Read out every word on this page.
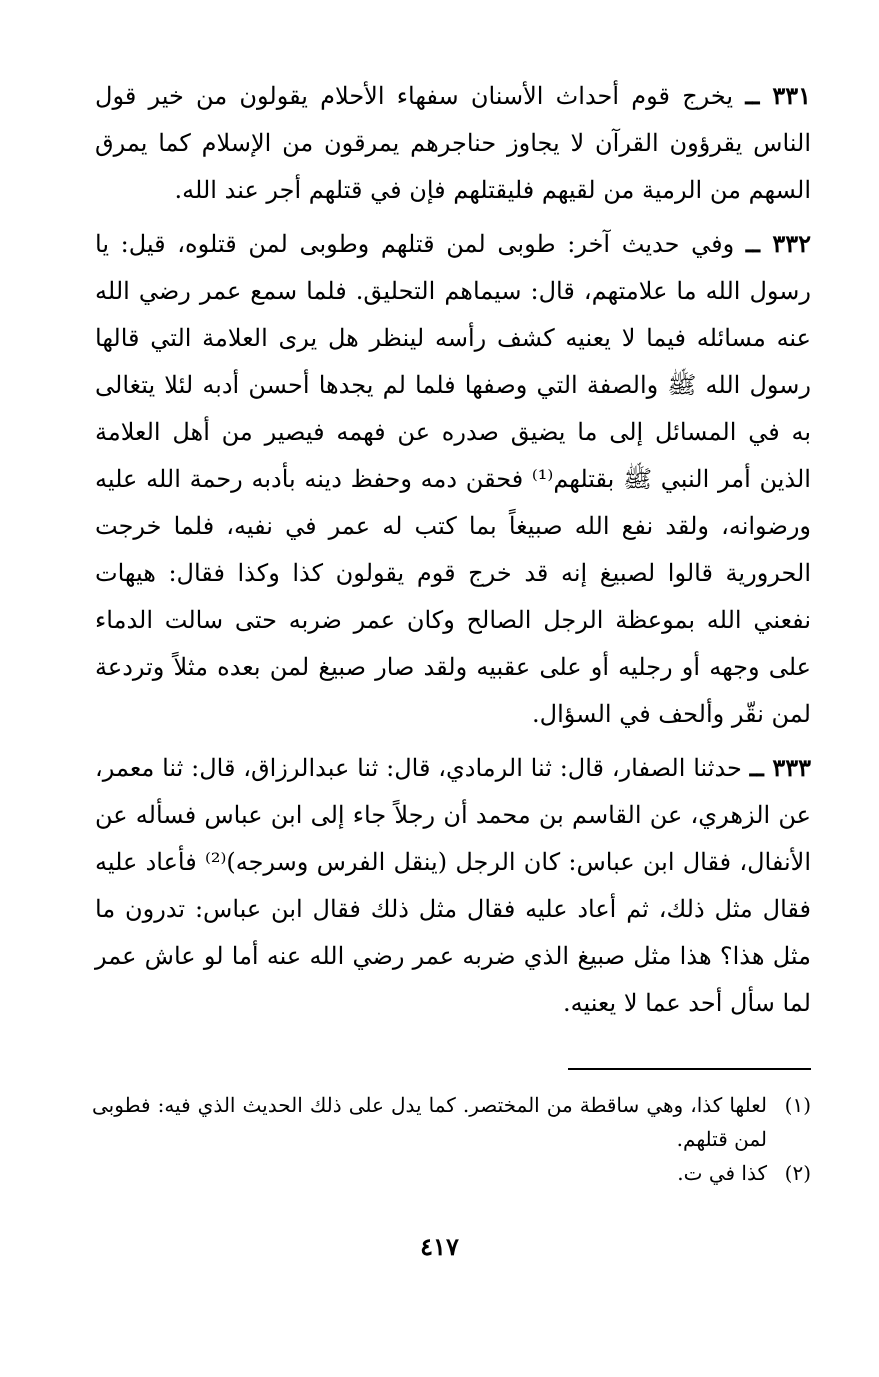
٣٣١ ــ يخرج قوم أحداث الأسنان سفهاء الأحلام يقولون من خير قول الناس يقرؤون القرآن لا يجاوز حناجرهم يمرقون من الإسلام كما يمرق السهم من الرمية من لقيهم فليقتلهم فإن في قتلهم أجر عند الله.

٣٣٢ ــ وفي حديث آخر: طوبى لمن قتلهم وطوبى لمن قتلوه، قيل: يا رسول الله ما علامتهم، قال: سيماهم التحليق. فلما سمع عمر رضي الله عنه مسائله فيما لا يعنيه كشف رأسه لينظر هل يرى العلامة التي قالها رسول الله ﷺ والصفة التي وصفها فلما لم يجدها أحسن أدبه لئلا يتغالى به في المسائل إلى ما يضيق صدره عن فهمه فيصير من أهل العلامة الذين أمر النبي ﷺ بقتلهم⁽¹⁾ فحقن دمه وحفظ دينه بأدبه رحمة الله عليه ورضوانه، ولقد نفع الله صبيغاً بما كتب له عمر في نفيه، فلما خرجت الحرورية قالوا لصبيغ إنه قد خرج قوم يقولون كذا وكذا فقال: هيهات نفعني الله بموعظة الرجل الصالح وكان عمر ضربه حتى سالت الدماء على وجهه أو رجليه أو على عقبيه ولقد صار صبيغ لمن بعده مثلاً وتردعة لمن نقّر وألحف في السؤال.

٣٣٣ ــ حدثنا الصفار، قال: ثنا الرمادي، قال: ثنا عبدالرزاق، قال: ثنا معمر، عن الزهري، عن القاسم بن محمد أن رجلاً جاء إلى ابن عباس فسأله عن الأنفال، فقال ابن عباس: كان الرجل (ينقل الفرس وسرجه)⁽²⁾ فأعاد عليه فقال مثل ذلك، ثم أعاد عليه فقال مثل ذلك فقال ابن عباس: تدرون ما مثل هذا؟ هذا مثل صبيغ الذي ضربه عمر رضي الله عنه أما لو عاش عمر لما سأل أحد عما لا يعنيه.

(١)
لعلها كذا، وهي ساقطة من المختصر. كما يدل على ذلك الحديث الذي فيه: فطوبى لمن قتلهم.

(٢)
كذا في ت.

٤١٧
